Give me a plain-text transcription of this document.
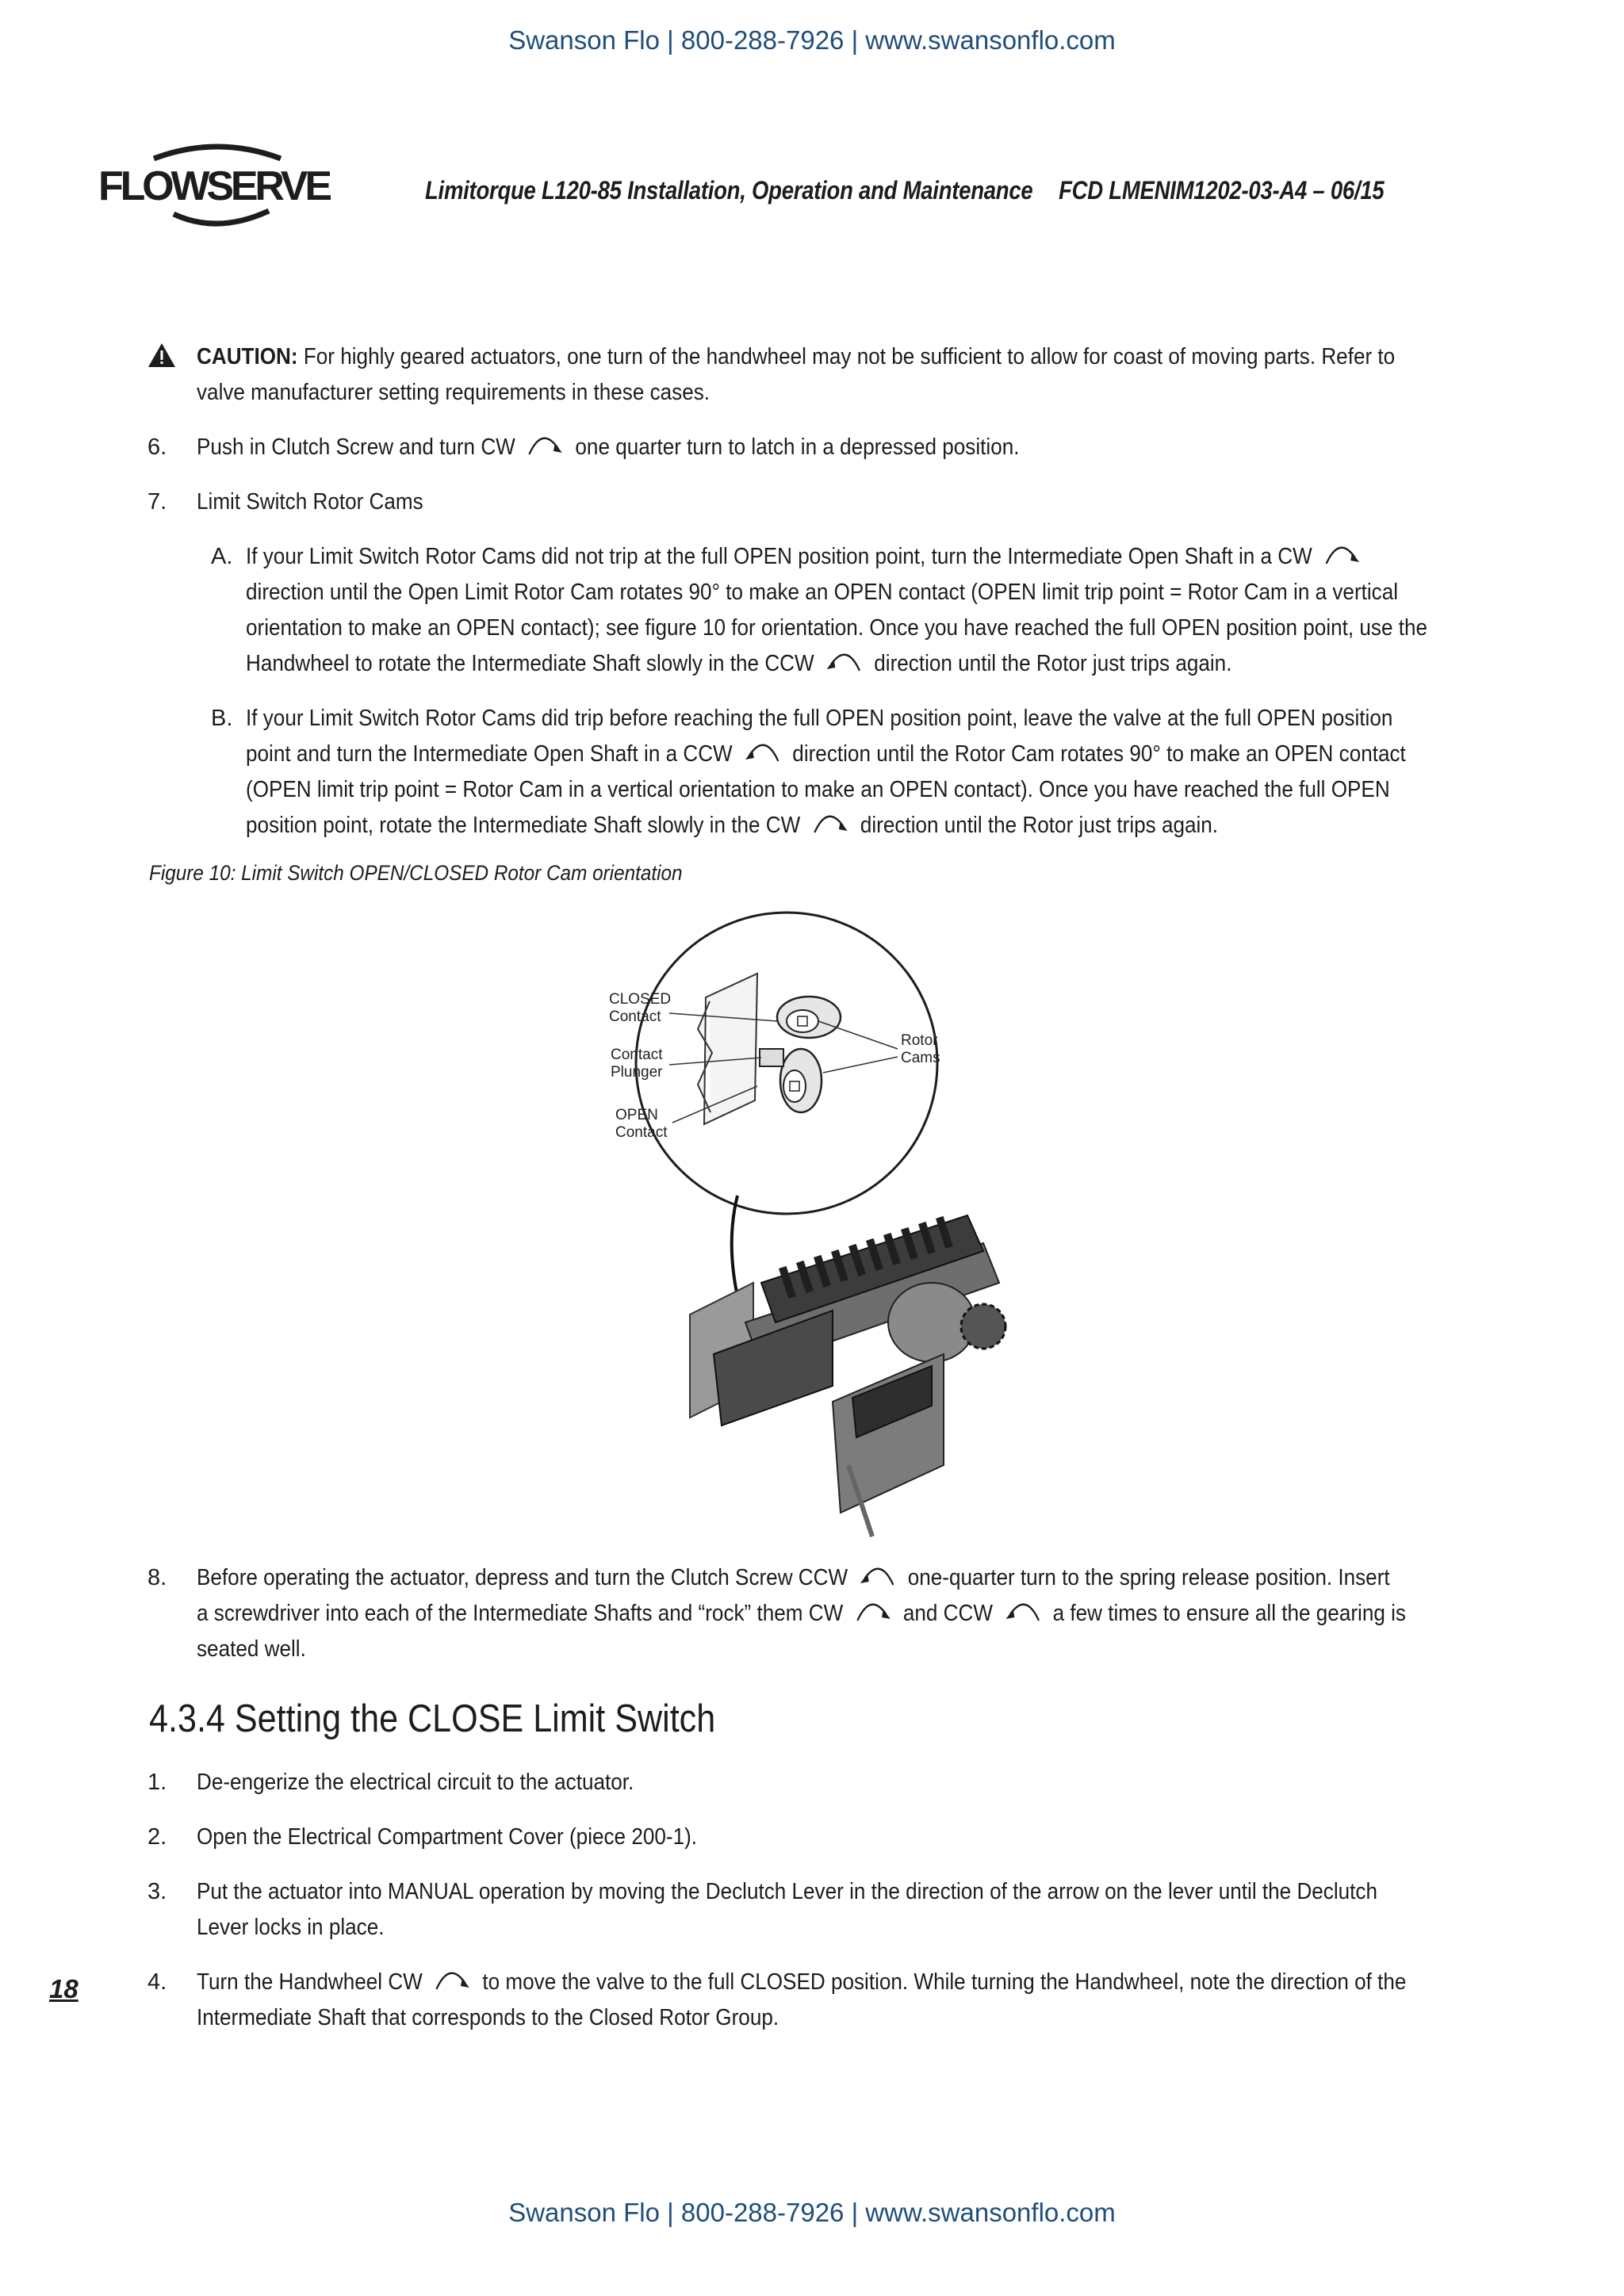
Swanson Flo | 800-288-7926 | www.swansonflo.com
Swanson Flo | 800-288-7926 | www.swansonflo.com
FLOWSERVE	Limitorque L120-85 Installation, Operation and Maintenance FCD LMENIM1202-03-A4 – 06/15
CAUTION: For highly geared actuators, one turn of the handwheel may not be sufficient to allow for coast of moving parts. Refer to
valve manufacturer setting requirements in these cases.
6. Push in Clutch Screw and turn CW	one quarter turn to latch in a depressed position.
7. Limit Switch Rotor Cams
A. If your Limit Switch Rotor Cams did not trip at the full OPEN position point, turn the Intermediate Open Shaft in a CW
direction until the Open Limit Rotor Cam rotates 90° to make an OPEN contact (OPEN limit trip point = Rotor Cam in a vertical
orientation to make an OPEN contact); see figure 10 for orientation. Once you have reached the full OPEN position point, use the
Handwheel to rotate the Intermediate Shaft slowly in the CCW	direction until the Rotor just trips again.
B. If your Limit Switch Rotor Cams did trip before reaching the full OPEN position point, leave the valve at the full OPEN position
point and turn the Intermediate Open Shaft in a CCW	direction until the Rotor Cam rotates 90° to make an OPEN contact
(OPEN limit trip point = Rotor Cam in a vertical orientation to make an OPEN contact). Once you have reached the full OPEN
position point, rotate the Intermediate Shaft slowly in the CW	direction until the Rotor just trips again.
Figure 10: Limit Switch OPEN/CLOSED Rotor Cam orientation
CLOSED
Contact
Contact
Plunger
OPEN
Contact
Rotor
Cams
8. Before operating the actuator, depress and turn the Clutch Screw CCW	one-quarter turn to the spring release position. Insert
a screwdriver into each of the Intermediate Shafts and “rock” them CW	and CCW	a few times to ensure all the gearing is
seated well.
4.3.4 Setting the CLOSE Limit Switch
1. De-engerize the electrical circuit to the actuator.
2. Open the Electrical Compartment Cover (piece 200-1).
3. Put the actuator into MANUAL operation by moving the Declutch Lever in the direction of the arrow on the lever until the Declutch
Lever locks in place.
4. Turn the Handwheel CW	to move the valve to the full CLOSED position. While turning the Handwheel, note the direction of the
Intermediate Shaft that corresponds to the Closed Rotor Group.
18
